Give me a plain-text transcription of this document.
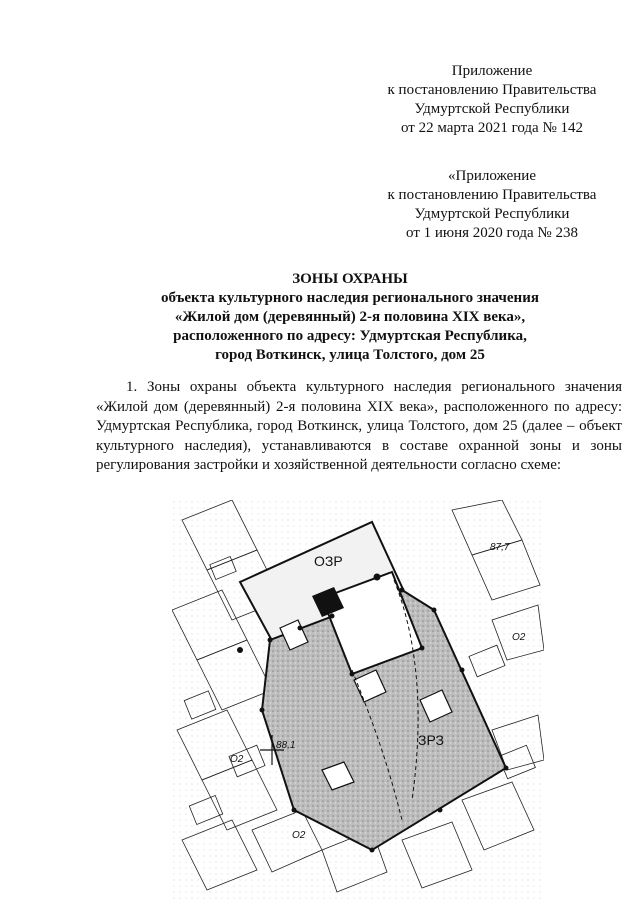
Приложение
к постановлению Правительства
Удмуртской Республики
от 22 марта 2021 года № 142
«Приложение
к постановлению Правительства
Удмуртской Республики
от 1 июня 2020 года № 238
ЗОНЫ ОХРАНЫ
объекта культурного наследия регионального значения
«Жилой дом (деревянный) 2-я половина XIX века»,
расположенного по адресу: Удмуртская Республика,
город Воткинск, улица Толстого, дом 25

1. Зоны охраны объекта культурного наследия регионального значения «Жилой дом (деревянный) 2-я половина XIX века», расположенного по адресу: Удмуртская Республика, город Воткинск, улица Толстого, дом 25 (далее – объект культурного наследия), устанавливаются в составе охранной зоны и зоны регулирования застройки и хозяйственной деятельности согласно схеме:

ОЗР
ЗРЗ
88,1
87,7
О2
О2
О2
